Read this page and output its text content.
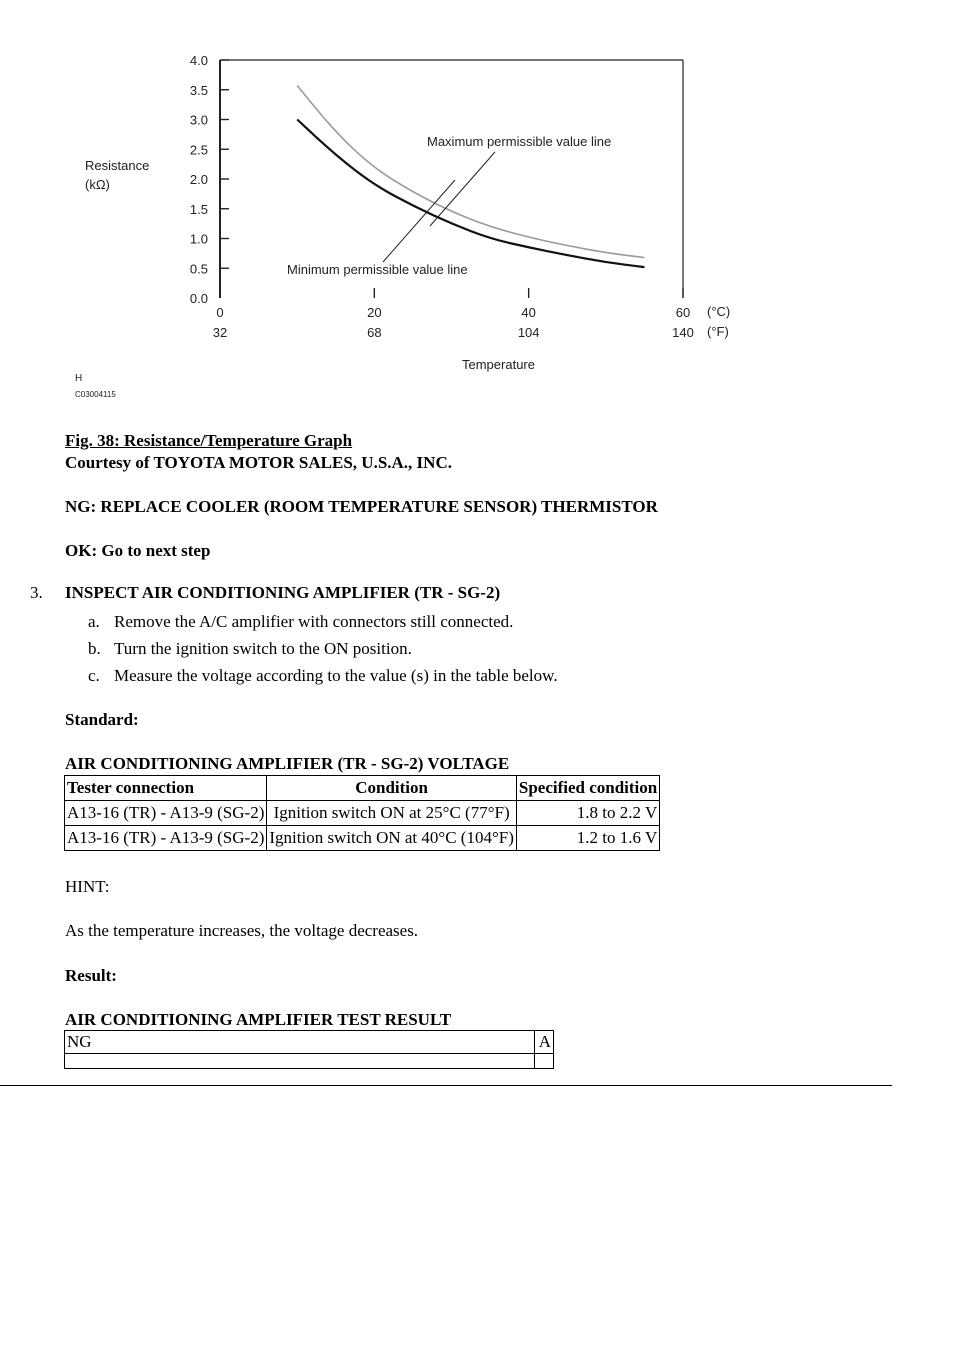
0.0
0.5
1.0
1.5
2.0
2.5
3.0
3.5
4.0
0
32
20
68
40
104
60
140
Resistance
(kΩ)
(°C)
(°F)
Temperature
Maximum permissible value line
Minimum permissible value line
H
C03004115
Fig. 38: Resistance/Temperature Graph
Courtesy of TOYOTA MOTOR SALES, U.S.A., INC.
NG: REPLACE COOLER (ROOM TEMPERATURE SENSOR) THERMISTOR
OK: Go to next step
3. INSPECT AIR CONDITIONING AMPLIFIER (TR - SG-2)
a. Remove the A/C amplifier with connectors still connected.
b. Turn the ignition switch to the ON position.
c. Measure the voltage according to the value (s) in the table below.
Standard:
AIR CONDITIONING AMPLIFIER (TR - SG-2) VOLTAGE
Tester connection	Condition	Specified condition
A13-16 (TR) - A13-9 (SG-2)	Ignition switch ON at 25°C (77°F)	1.8 to 2.2 V
A13-16 (TR) - A13-9 (SG-2)	Ignition switch ON at 40°C (104°F)	1.2 to 1.6 V
HINT:
As the temperature increases, the voltage decreases.
Result:
AIR CONDITIONING AMPLIFIER TEST RESULT
NG	A
